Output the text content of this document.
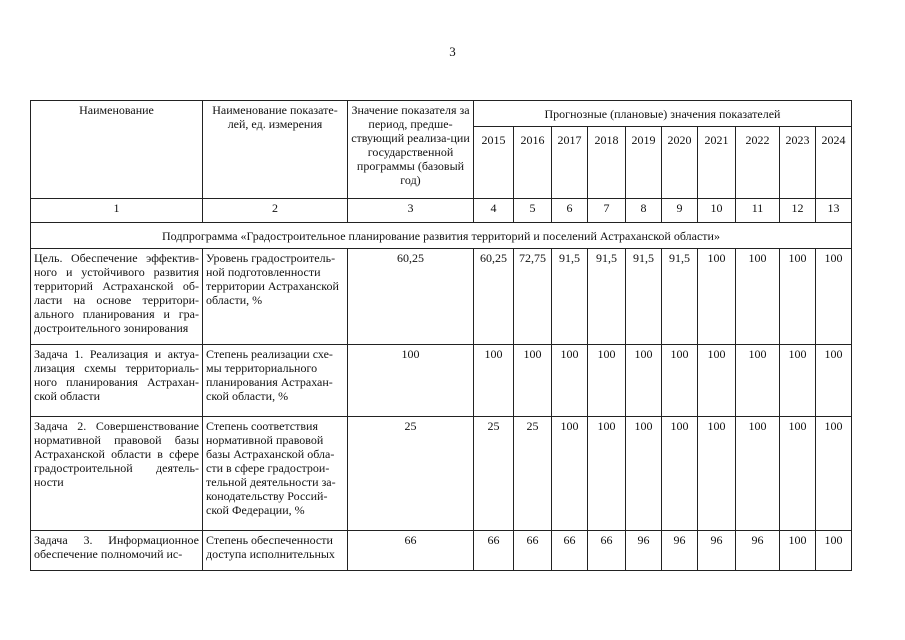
3
Наименование	Наименование показате-лей, ед. измерения	Значение показателя за период, предше-ствующий реализа-ции государственной программы (базовый год)	Прогнозные (плановые) значения показателей									
			2015	2016	2017	2018	2019	2020	2021	2022	2023	2024
1	2	3	4	5	6	7	8	9	10	11	12	13
Подпрограмма «Градостроительное планирование развития территорий и поселений Астраханской области»												
Цель. Обеспечение эффектив-ного и устойчивого развития территорий Астраханской об-ласти на основе территори-ального планирования и гра-достроительного зонирования	Уровень градостроитель-ной подготовленности территории Астраханской области, %	60,25	60,25	72,75	91,5	91,5	91,5	91,5	100	100	100	100
Задача 1. Реализация и актуа-лизация схемы территориаль-ного планирования Астрахан-ской области	Степень реализации схе-мы территориального планирования Астрахан-ской области, %	100	100	100	100	100	100	100	100	100	100	100
Задача 2. Совершенствование нормативной правовой базы Астраханской области в сфере градостроительной деятель-ности	Степень соответствия нормативной правовой базы Астраханской обла-сти в сфере градострои-тельной деятельности за-конодательству Россий-ской Федерации, %	25	25	25	100	100	100	100	100	100	100	100
Задача 3. Информационное обеспечение полномочий ис-	Степень обеспеченности доступа исполнительных	66	66	66	66	66	96	96	96	96	100	100
